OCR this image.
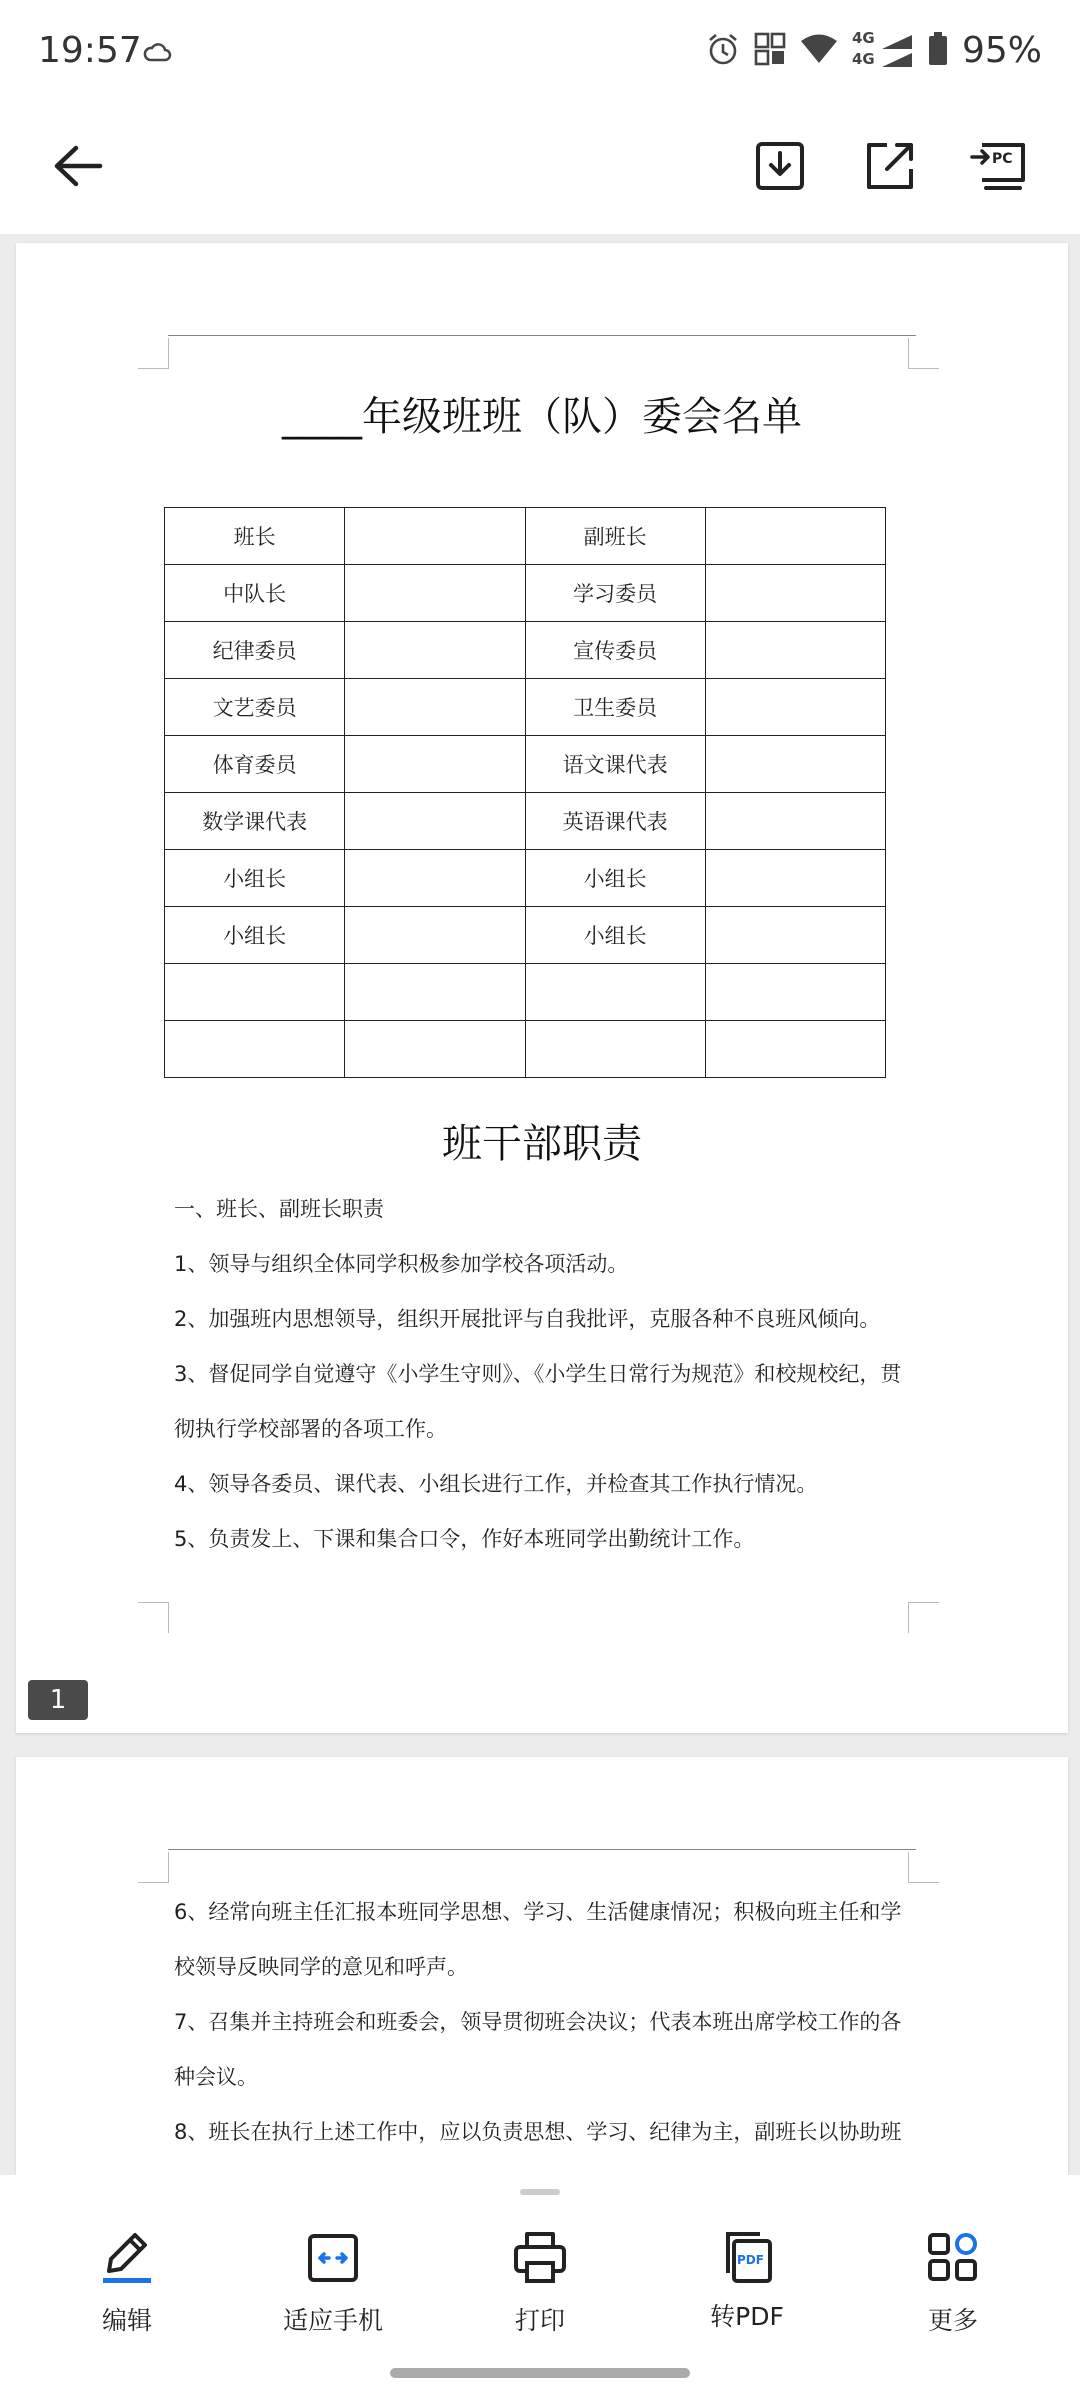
19:57	4G
4G 95%
PC
____年级班班（队）委会名单
班长		副班长	
中队长		学习委员	
纪律委员		宣传委员	
文艺委员		卫生委员	
体育委员		语文课代表	
数学课代表		英语课代表	
小组长		小组长	
小组长		小组长	

班干部职责
一、班长、副班长职责
1、领导与组织全体同学积极参加学校各项活动。
2、加强班内思想领导，组织开展批评与自我批评，克服各种不良班风倾向。
3、督促同学自觉遵守《小学生守则》、《小学生日常行为规范》和校规校纪，贯
彻执行学校部署的各项工作。
4、领导各委员、课代表、小组长进行工作，并检查其工作执行情况。
5、负责发上、下课和集合口令，作好本班同学出勤统计工作。
1
6、经常向班主任汇报本班同学思想、学习、生活健康情况；积极向班主任和学
校领导反映同学的意见和呼声。
7、召集并主持班会和班委会，领导贯彻班会决议；代表本班出席学校工作的各
种会议。
8、班长在执行上述工作中，应以负责思想、学习、纪律为主，副班长以协助班
编辑	适应手机	打印
PDF
转PDF	更多
